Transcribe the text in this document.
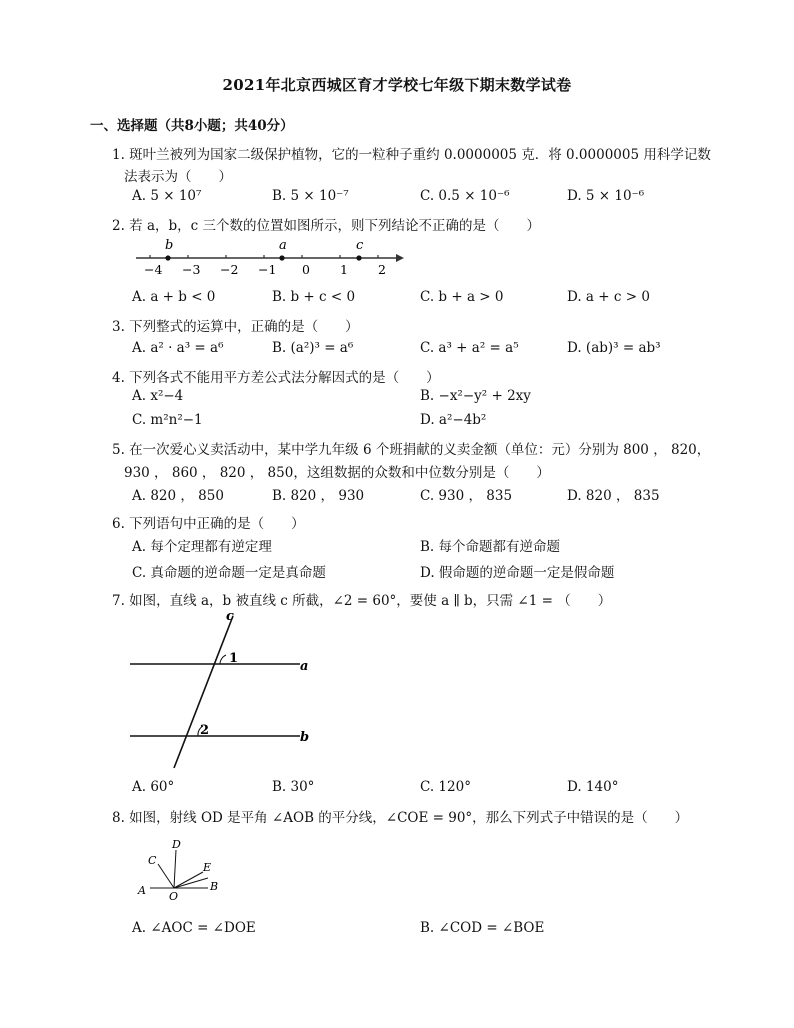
2021年北京西城区育才学校七年级下期末数学试卷
一、选择题（共8小题；共40分）
1. 斑叶兰被列为国家二级保护植物，它的一粒种子重约 0.0000005 克．将 0.0000005 用科学记数
法表示为（　　）
A. 5 × 10⁷	B. 5 × 10⁻⁷	C. 0.5 × 10⁻⁶	D. 5 × 10⁻⁶
2. 若 a，b，c 三个数的位置如图所示，则下列结论不正确的是（　　）
b	a	c
−4 −3 −2 −1 0 1 2
A. a + b < 0	B. b + c < 0	C. b + a > 0	D. a + c > 0
3. 下列整式的运算中，正确的是（　　）
A. a² · a³ = a⁶	B. (a²)³ = a⁶	C. a³ + a² = a⁵	D. (ab)³ = ab³
4. 下列各式不能用平方差公式法分解因式的是（　　）
A. x²−4	B. −x²−y² + 2xy
C. m²n²−1	D. a²−4b²
5. 在一次爱心义卖活动中，某中学九年级 6 个班捐献的义卖金额（单位：元）分别为 800 ， 820，
930 ， 860 ， 820 ， 850，这组数据的众数和中位数分别是（　　）
A. 820 ， 850	B. 820 ， 930	C. 930 ， 835	D. 820 ， 835
6. 下列语句中正确的是（　　）
A. 每个定理都有逆定理	B. 每个命题都有逆命题
C. 真命题的逆命题一定是真命题	D. 假命题的逆命题一定是假命题
7. 如图，直线 a，b 被直线 c 所截，∠2 = 60°，要使 a ∥ b，只需 ∠1 = （　　）
c
1
2
a
b
A. 60°	B. 30°	C. 120°	D. 140°
8. 如图，射线 OD 是平角 ∠AOB 的平分线，∠COE = 90°，那么下列式子中错误的是（　　）
A	B
C
D
E
O
A. ∠AOC = ∠DOE	B. ∠COD = ∠BOE
